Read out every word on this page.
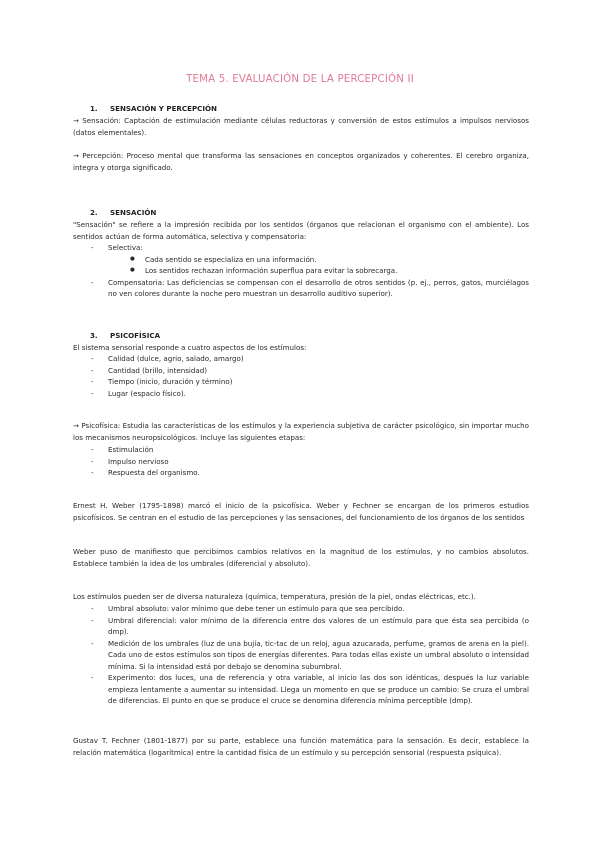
TEMA 5. EVALUACIÓN DE LA PERCEPCIÓN II
1. SENSACIÓN Y PERCEPCIÓN
→ Sensación: Captación de estimulación mediante células reductoras y conversión de estos estímulos a impulsos nerviosos (datos elementales).
→ Percepción: Proceso mental que transforma las sensaciones en conceptos organizados y coherentes. El cerebro organiza, integra y otorga significado.
2. SENSACIÓN
"Sensación" se refiere a la impresión recibida por los sentidos (órganos que relacionan el organismo con el ambiente). Los sentidos actúan de forma automática, selectiva y compensatoria:
- Selectiva:
● Cada sentido se especializa en una información.
● Los sentidos rechazan información superflua para evitar la sobrecarga.
- Compensatoria: Las deficiencias se compensan con el desarrollo de otros sentidos (p. ej., perros, gatos, murciélagos no ven colores durante la noche pero muestran un desarrollo auditivo superior).
3. PSICOFÍSICA
El sistema sensorial responde a cuatro aspectos de los estímulos:
- Calidad (dulce, agrio, salado, amargo)
- Cantidad (brillo, intensidad)
- Tiempo (inicio, duración y término)
- Lugar (espacio físico).
→ Psicofísica: Estudia las características de los estímulos y la experiencia subjetiva de carácter psicológico, sin importar mucho los mecanismos neuropsicológicos. Incluye las siguientes etapas:
- Estimulación
- Impulso nervioso
- Respuesta del organismo.
Ernest H. Weber (1795-1898) marcó el inicio de la psicofísica. Weber y Fechner se encargan de los primeros estudios psicofísicos. Se centran en el estudio de las percepciones y las sensaciones, del funcionamiento de los órganos de los sentidos
Weber puso de manifiesto que percibimos cambios relativos en la magnitud de los estímulos, y no cambios absolutos. Establece también la idea de los umbrales (diferencial y absoluto).
Los estímulos pueden ser de diversa naturaleza (química, temperatura, presión de la piel, ondas eléctricas, etc.).
- Umbral absoluto: valor mínimo que debe tener un estímulo para que sea percibido.
- Umbral diferencial: valor mínimo de la diferencia entre dos valores de un estímulo para que ésta sea percibida (o dmp).
- Medición de los umbrales (luz de una bujía, tic-tac de un reloj, agua azucarada, perfume, gramos de arena en la piel). Cada uno de estos estímulos son tipos de energías diferentes. Para todas ellas existe un umbral absoluto o intensidad mínima. Si la intensidad está por debajo se denomina subumbral.
- Experimento: dos luces, una de referencia y otra variable, al inicio las dos son idénticas, después la luz variable empieza lentamente a aumentar su intensidad. Llega un momento en que se produce un cambio: Se cruza el umbral de diferencias. El punto en que se produce el cruce se denomina diferencia mínima perceptible (dmp).
Gustav T. Fechner (1801-1877) por su parte, establece una función matemática para la sensación. Es decir, establece la relación matemática (logarítmica) entre la cantidad física de un estímulo y su percepción sensorial (respuesta psíquica).
